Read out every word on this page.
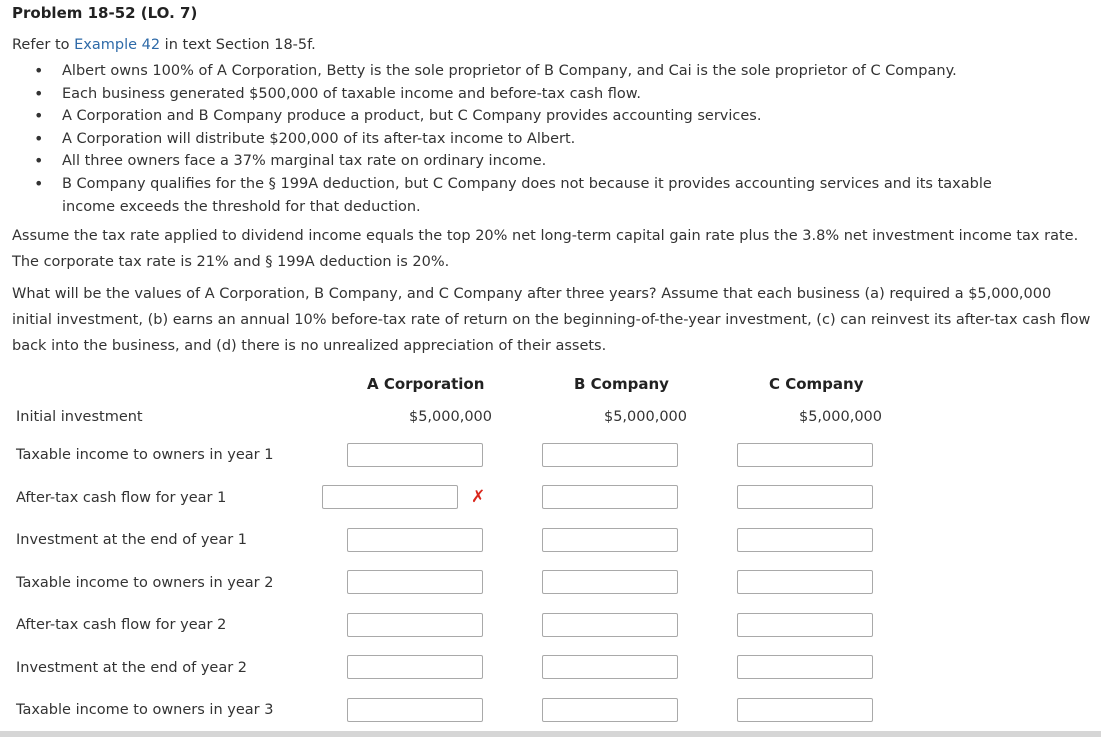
Problem 18-52 (LO. 7)
Refer to Example 42 in text Section 18-5f.
• Albert owns 100% of A Corporation, Betty is the sole proprietor of B Company, and Cai is the sole proprietor of C Company.
• Each business generated $500,000 of taxable income and before-tax cash flow.
• A Corporation and B Company produce a product, but C Company provides accounting services.
• A Corporation will distribute $200,000 of its after-tax income to Albert.
• All three owners face a 37% marginal tax rate on ordinary income.
• B Company qualifies for the § 199A deduction, but C Company does not because it provides accounting services and its taxable income exceeds the threshold for that deduction.

Assume the tax rate applied to dividend income equals the top 20% net long-term capital gain rate plus the 3.8% net investment income tax rate. The corporate tax rate is 21% and § 199A deduction is 20%.

What will be the values of A Corporation, B Company, and C Company after three years? Assume that each business (a) required a $5,000,000 initial investment, (b) earns an annual 10% before-tax rate of return on the beginning-of-the-year investment, (c) can reinvest its after-tax cash flow back into the business, and (d) there is no unrealized appreciation of their assets.

A Corporation	B Company	C Company
Initial investment	$5,000,000	$5,000,000	$5,000,000
Taxable income to owners in year 1
After-tax cash flow for year 1	✗
Investment at the end of year 1
Taxable income to owners in year 2
After-tax cash flow for year 2
Investment at the end of year 2
Taxable income to owners in year 3
